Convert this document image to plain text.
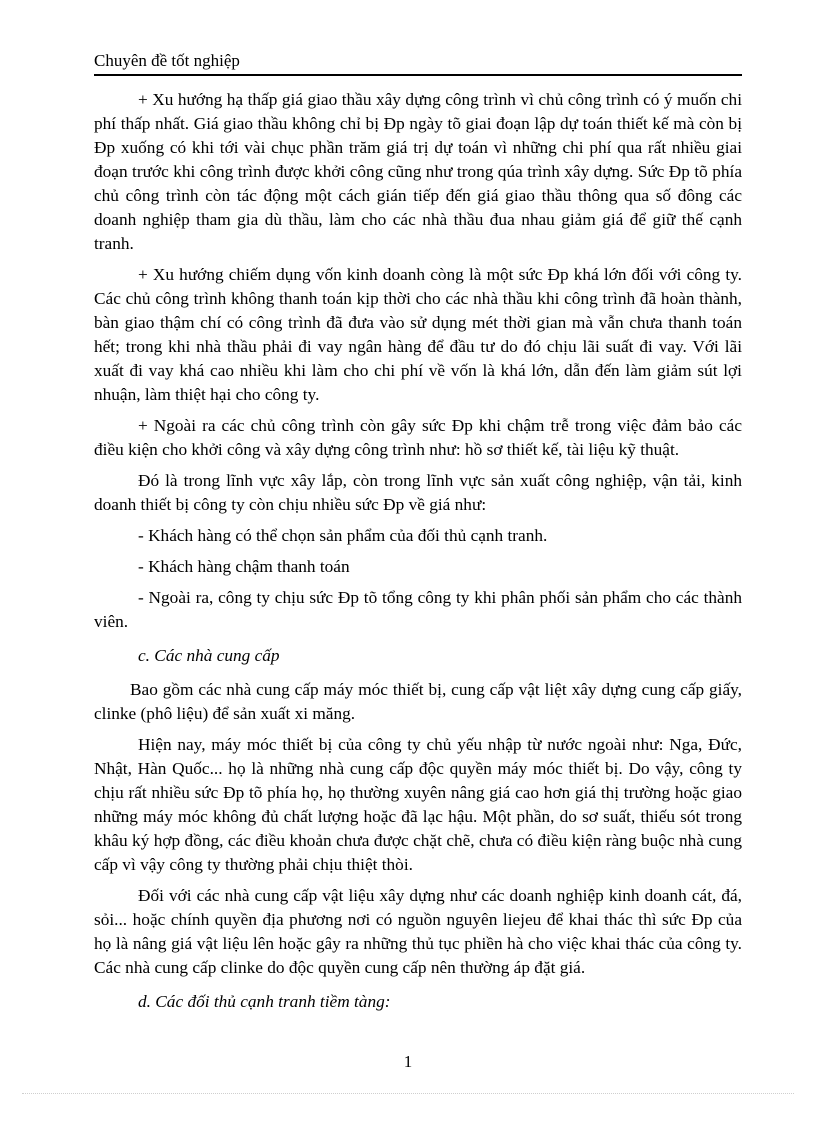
Chuyên đề tốt nghiệp

+ Xu hướng hạ thấp giá giao thầu xây dựng công trình vì chủ công trình có ý muốn chi phí thấp nhất. Giá giao thầu không chỉ bị Đp ngày tõ giai đoạn lập dự toán thiết kế mà còn bị Đp xuống có khi tới vài chục phần trăm giá trị dự toán vì những chi phí qua rất nhiều giai đoạn trước khi công trình được khởi công cũng như trong qúa trình xây dựng. Sức Đp tõ phía chủ công trình còn tác động một cách gián tiếp đến giá giao thầu thông qua số đông các doanh nghiệp tham gia dù thầu, làm cho các nhà thầu đua nhau giảm giá để giữ thế cạnh tranh.

+ Xu hướng chiếm dụng vốn kinh doanh còng là một sức Đp khá lớn đối với công ty. Các chủ công trình không thanh toán kịp thời cho các nhà thầu khi công trình đã hoàn thành, bàn giao thậm chí có công trình đã đưa vào sử dụng mét thời gian mà vẫn chưa thanh toán hết; trong khi nhà thầu phải đi vay ngân hàng để đầu tư do đó chịu lãi suất đi vay. Với lãi xuất đi vay khá cao nhiều khi làm cho chi phí về vốn là khá lớn, dẫn đến làm giảm sút lợi nhuận, làm thiệt hại cho công ty.

+ Ngoài ra các chủ công trình còn gây sức Đp khi chậm trễ trong việc đảm bảo các điều kiện cho khởi công và xây dựng công trình như: hồ sơ thiết kế, tài liệu kỹ thuật.

Đó là trong lĩnh vực xây lắp, còn trong lĩnh vực sản xuất công nghiệp, vận tải, kinh doanh thiết bị công ty còn chịu nhiều sức Đp về giá như:

- Khách hàng có thể chọn sản phẩm của đối thủ cạnh tranh.

- Khách hàng chậm thanh toán

- Ngoài ra, công ty chịu sức Đp tõ tổng công ty khi phân phối sản phẩm cho các thành viên.

c. Các nhà cung cấp

Bao gồm các nhà cung cấp máy móc thiết bị, cung cấp vật liệt xây dựng cung cấp giấy, clinke (phô liệu) để sản xuất xi măng.

Hiện nay, máy móc thiết bị của công ty chủ yếu nhập từ nước ngoài như: Nga, Đức, Nhật, Hàn Quốc... họ là những nhà cung cấp độc quyền máy móc thiết bị. Do vậy, công ty chịu rất nhiều sức Đp tõ phía họ, họ thường xuyên nâng giá cao hơn giá thị trường hoặc giao những máy móc không đủ chất lượng hoặc đã lạc hậu. Một phần, do sơ suất, thiếu sót trong khâu ký hợp đồng, các điều khoản chưa được chặt chẽ, chưa có điều kiện ràng buộc nhà cung cấp vì vậy công ty thường phải chịu thiệt thòi.

Đối với các nhà cung cấp vật liệu xây dựng như các doanh nghiệp kinh doanh cát, đá, sỏi... hoặc chính quyền địa phương nơi có nguồn nguyên liejeu để khai thác thì sức Đp của họ là nâng giá vật liệu lên hoặc gây ra những thủ tục phiền hà cho việc khai thác của công ty. Các nhà cung cấp clinke do độc quyền cung cấp nên thường áp đặt giá.

d. Các đối thủ cạnh tranh tiềm tàng:

1
